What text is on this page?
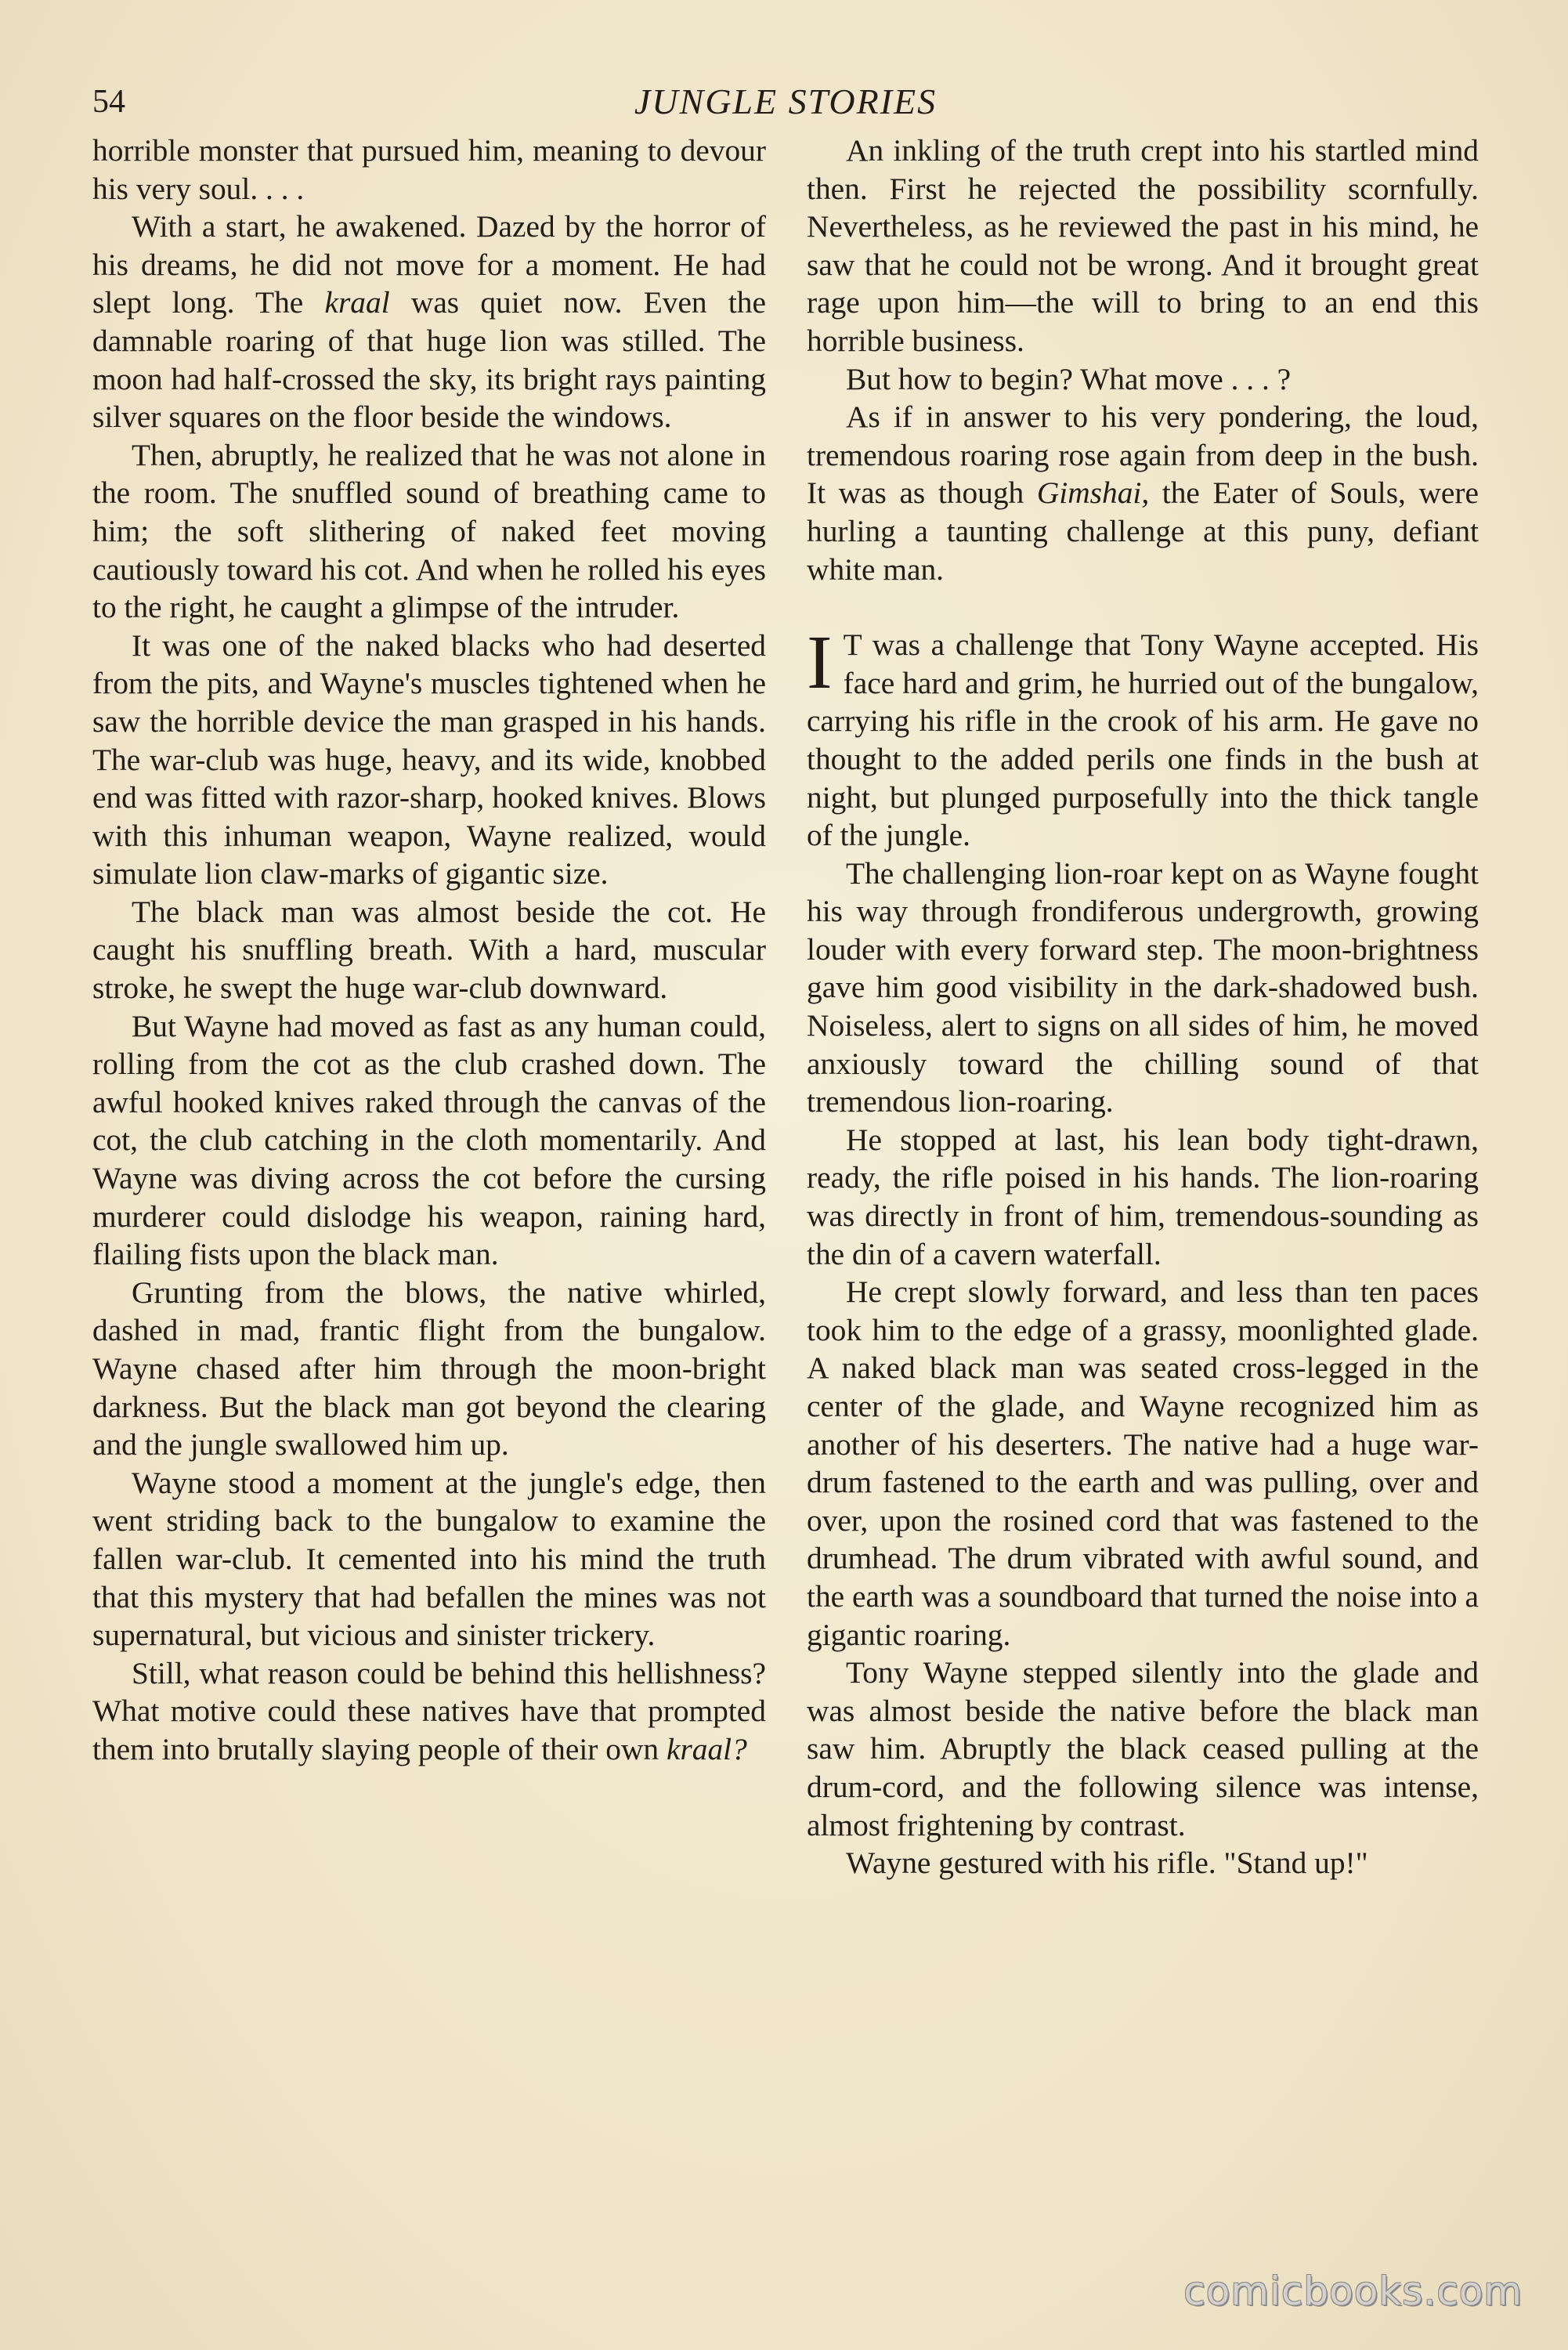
54	JUNGLE STORIES

horrible monster that pursued him, meaning to devour his very soul. . . .

With a start, he awakened. Dazed by the horror of his dreams, he did not move for a moment. He had slept long. The kraal was quiet now. Even the damnable roaring of that huge lion was stilled. The moon had half-crossed the sky, its bright rays painting silver squares on the floor beside the windows.

Then, abruptly, he realized that he was not alone in the room. The snuffled sound of breathing came to him; the soft slithering of naked feet moving cautiously toward his cot. And when he rolled his eyes to the right, he caught a glimpse of the intruder.

It was one of the naked blacks who had deserted from the pits, and Wayne's muscles tightened when he saw the horrible device the man grasped in his hands. The war-club was huge, heavy, and its wide, knobbed end was fitted with razor-sharp, hooked knives. Blows with this inhuman weapon, Wayne realized, would simulate lion claw-marks of gigantic size.

The black man was almost beside the cot. He caught his snuffling breath. With a hard, muscular stroke, he swept the huge war-club downward.

But Wayne had moved as fast as any human could, rolling from the cot as the club crashed down. The awful hooked knives raked through the canvas of the cot, the club catching in the cloth momentarily. And Wayne was diving across the cot before the cursing murderer could dislodge his weapon, raining hard, flailing fists upon the black man.

Grunting from the blows, the native whirled, dashed in mad, frantic flight from the bungalow. Wayne chased after him through the moon-bright darkness. But the black man got beyond the clearing and the jungle swallowed him up.

Wayne stood a moment at the jungle's edge, then went striding back to the bungalow to examine the fallen war-club. It cemented into his mind the truth that this mystery that had befallen the mines was not supernatural, but vicious and sinister trickery.

Still, what reason could be behind this hellishness? What motive could these natives have that prompted them into brutally slaying people of their own kraal?

An inkling of the truth crept into his startled mind then. First he rejected the possibility scornfully. Nevertheless, as he reviewed the past in his mind, he saw that he could not be wrong. And it brought great rage upon him—the will to bring to an end this horrible business.

But how to begin? What move . . . ?

As if in answer to his very pondering, the loud, tremendous roaring rose again from deep in the bush. It was as though Gimshai, the Eater of Souls, were hurling a taunting challenge at this puny, defiant white man.

I T was a challenge that Tony Wayne accepted. His face hard and grim, he hurried out of the bungalow, carrying his rifle in the crook of his arm. He gave no thought to the added perils one finds in the bush at night, but plunged purposefully into the thick tangle of the jungle.

The challenging lion-roar kept on as Wayne fought his way through frondiferous undergrowth, growing louder with every forward step. The moon-brightness gave him good visibility in the dark-shadowed bush. Noiseless, alert to signs on all sides of him, he moved anxiously toward the chilling sound of that tremendous lion-roaring.

He stopped at last, his lean body tight-drawn, ready, the rifle poised in his hands. The lion-roaring was directly in front of him, tremendous-sounding as the din of a cavern waterfall.

He crept slowly forward, and less than ten paces took him to the edge of a grassy, moonlighted glade. A naked black man was seated cross-legged in the center of the glade, and Wayne recognized him as another of his deserters. The native had a huge war-drum fastened to the earth and was pulling, over and over, upon the rosined cord that was fastened to the drumhead. The drum vibrated with awful sound, and the earth was a soundboard that turned the noise into a gigantic roaring.

Tony Wayne stepped silently into the glade and was almost beside the native before the black man saw him. Abruptly the black ceased pulling at the drum-cord, and the following silence was intense, almost frightening by contrast.

Wayne gestured with his rifle. "Stand up!"

comicbooks.com
